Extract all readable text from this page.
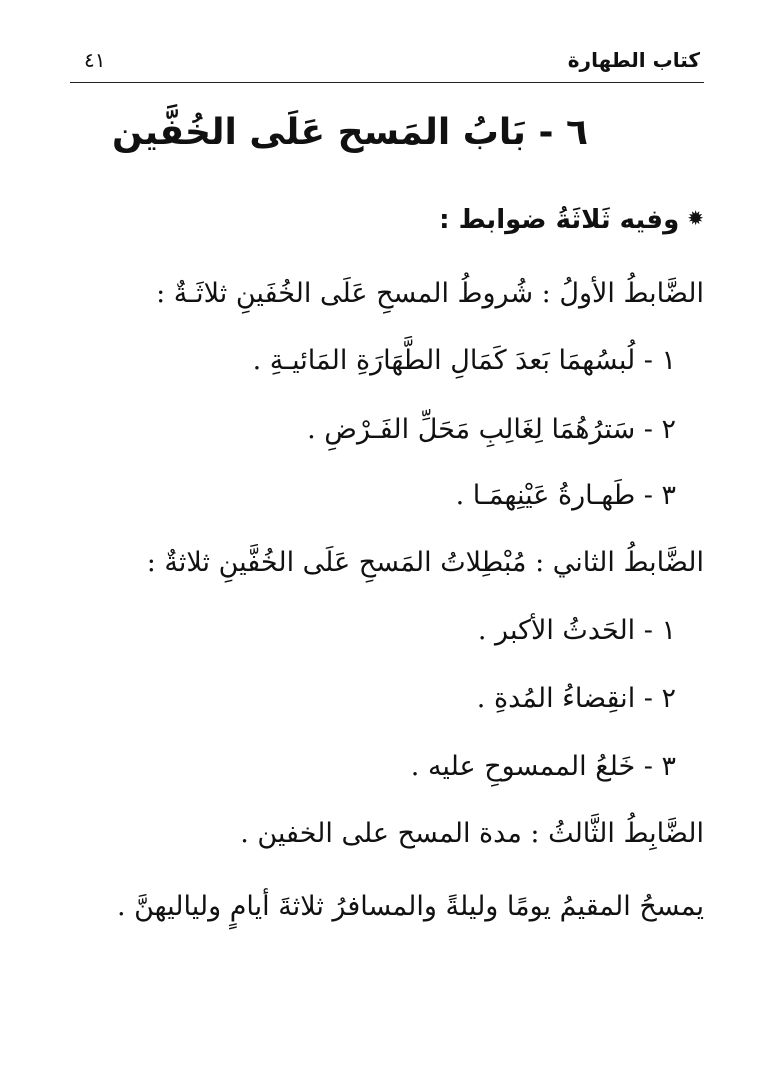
كتاب الطهارة
٤١
٦ - بَابُ المَسح عَلَى الخُفَّين
✹وفيه ثَلاثَةُ ضوابط :
الضَّابطُ الأولُ : شُروطُ المسحِ عَلَى الخُفَينِ ثلاثَـةٌ :
١ - لُبسُهمَا بَعدَ كَمَالِ الطَّهَارَةِ المَائيـةِ .
٢ - سَترُهُمَا لِغَالِبِ مَحَلِّ الفَـرْضِ .
٣ - طَهـارةُ عَيْنِهمَـا .
الضَّابطُ الثاني : مُبْطِلاتُ المَسحِ عَلَى الخُفَّينِ ثلاثةٌ :
١ - الحَدثُ الأكبر .
٢ - انقِضاءُ المُدةِ .
٣ - خَلعُ الممسوحِ عليه .
الضَّابِطُ الثَّالثُ : مدة المسح على الخفين .
يمسحُ المقيمُ يومًا وليلةً والمسافرُ ثلاثةَ أيامٍ ولياليهنَّ .
